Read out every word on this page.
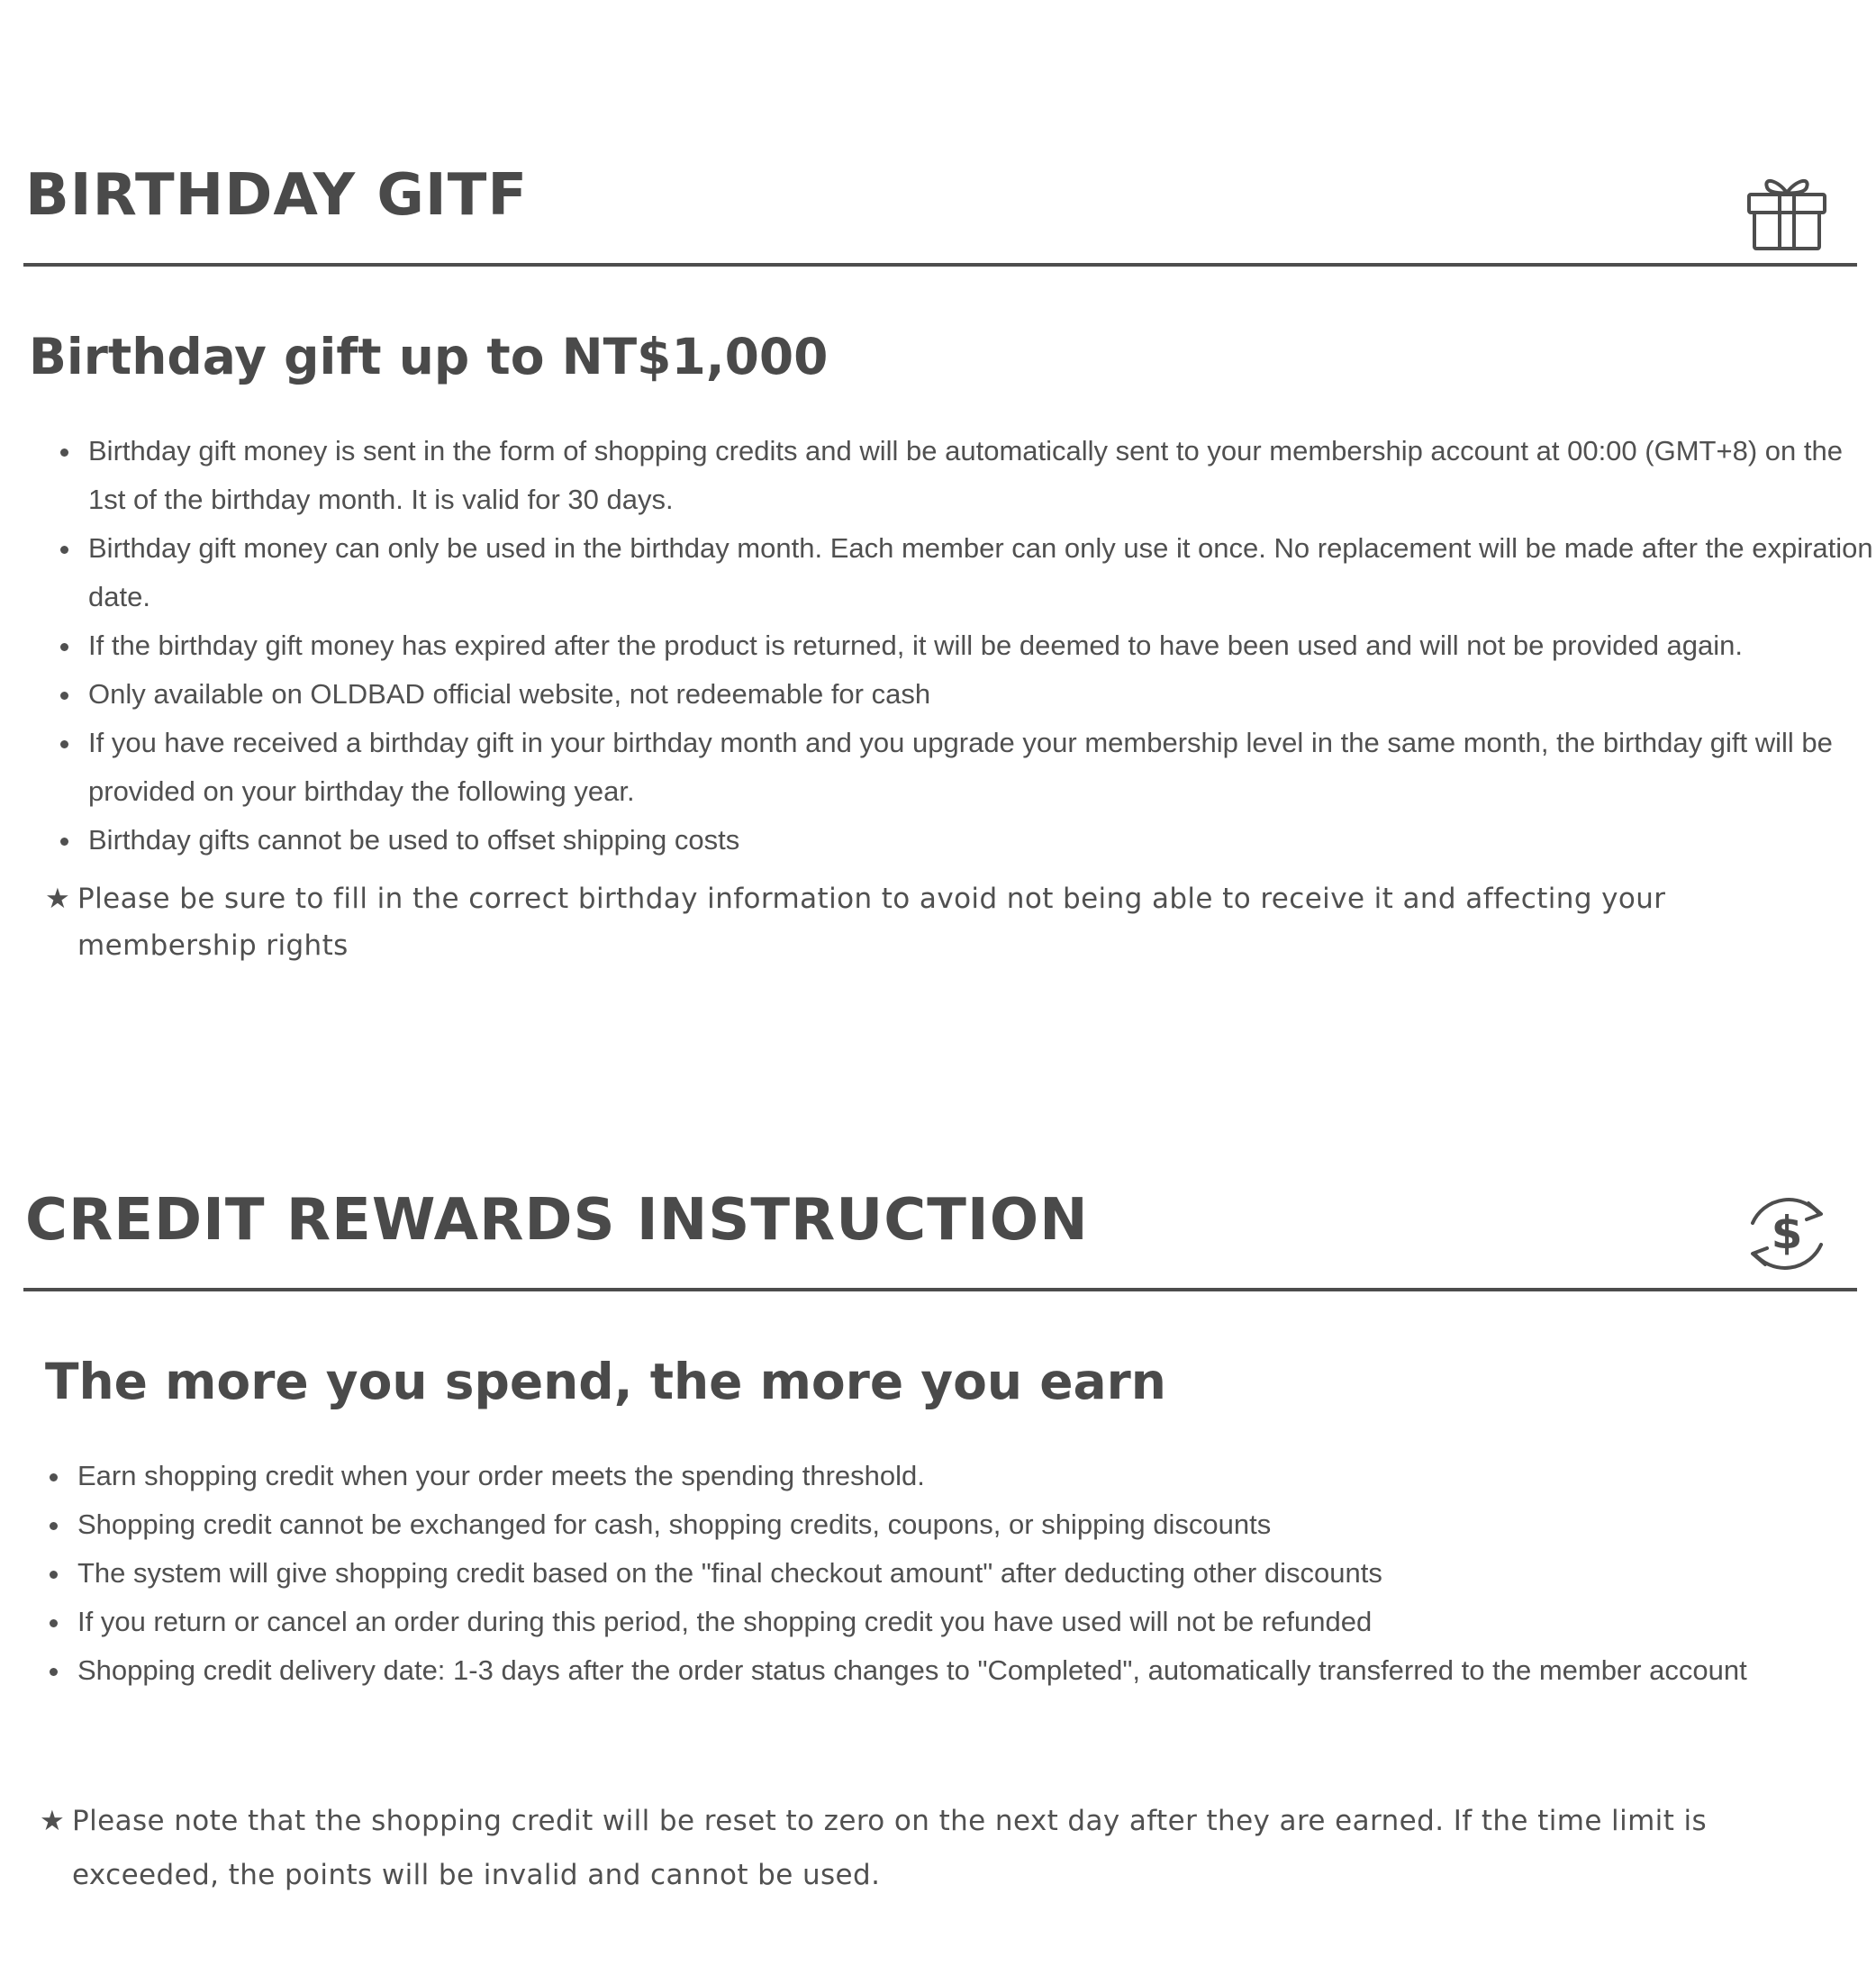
BIRTHDAY GITF
Birthday gift up to NT$1,000
• Birthday gift money is sent in the form of shopping credits and will be automatically sent to your membership account at 00:00 (GMT+8) on the 1st of the birthday month. It is valid for 30 days.
• Birthday gift money can only be used in the birthday month. Each member can only use it once. No replacement will be made after the expiration date.
• If the birthday gift money has expired after the product is returned, it will be deemed to have been used and will not be provided again.
• Only available on OLDBAD official website, not redeemable for cash
• If you have received a birthday gift in your birthday month and you upgrade your membership level in the same month, the birthday gift will be provided on your birthday the following year.
• Birthday gifts cannot be used to offset shipping costs
★ Please be sure to fill in the correct birthday information to avoid not being able to receive it and affecting your membership rights
CREDIT REWARDS INSTRUCTION	$
The more you spend, the more you earn
• Earn shopping credit when your order meets the spending threshold.
• Shopping credit cannot be exchanged for cash, shopping credits, coupons, or shipping discounts
• The system will give shopping credit based on the "final checkout amount" after deducting other discounts
• If you return or cancel an order during this period, the shopping credit you have used will not be refunded
• Shopping credit delivery date: 1-3 days after the order status changes to "Completed", automatically transferred to the member account
★ Please note that the shopping credit will be reset to zero on the next day after they are earned. If the time limit is exceeded, the points will be invalid and cannot be used.
